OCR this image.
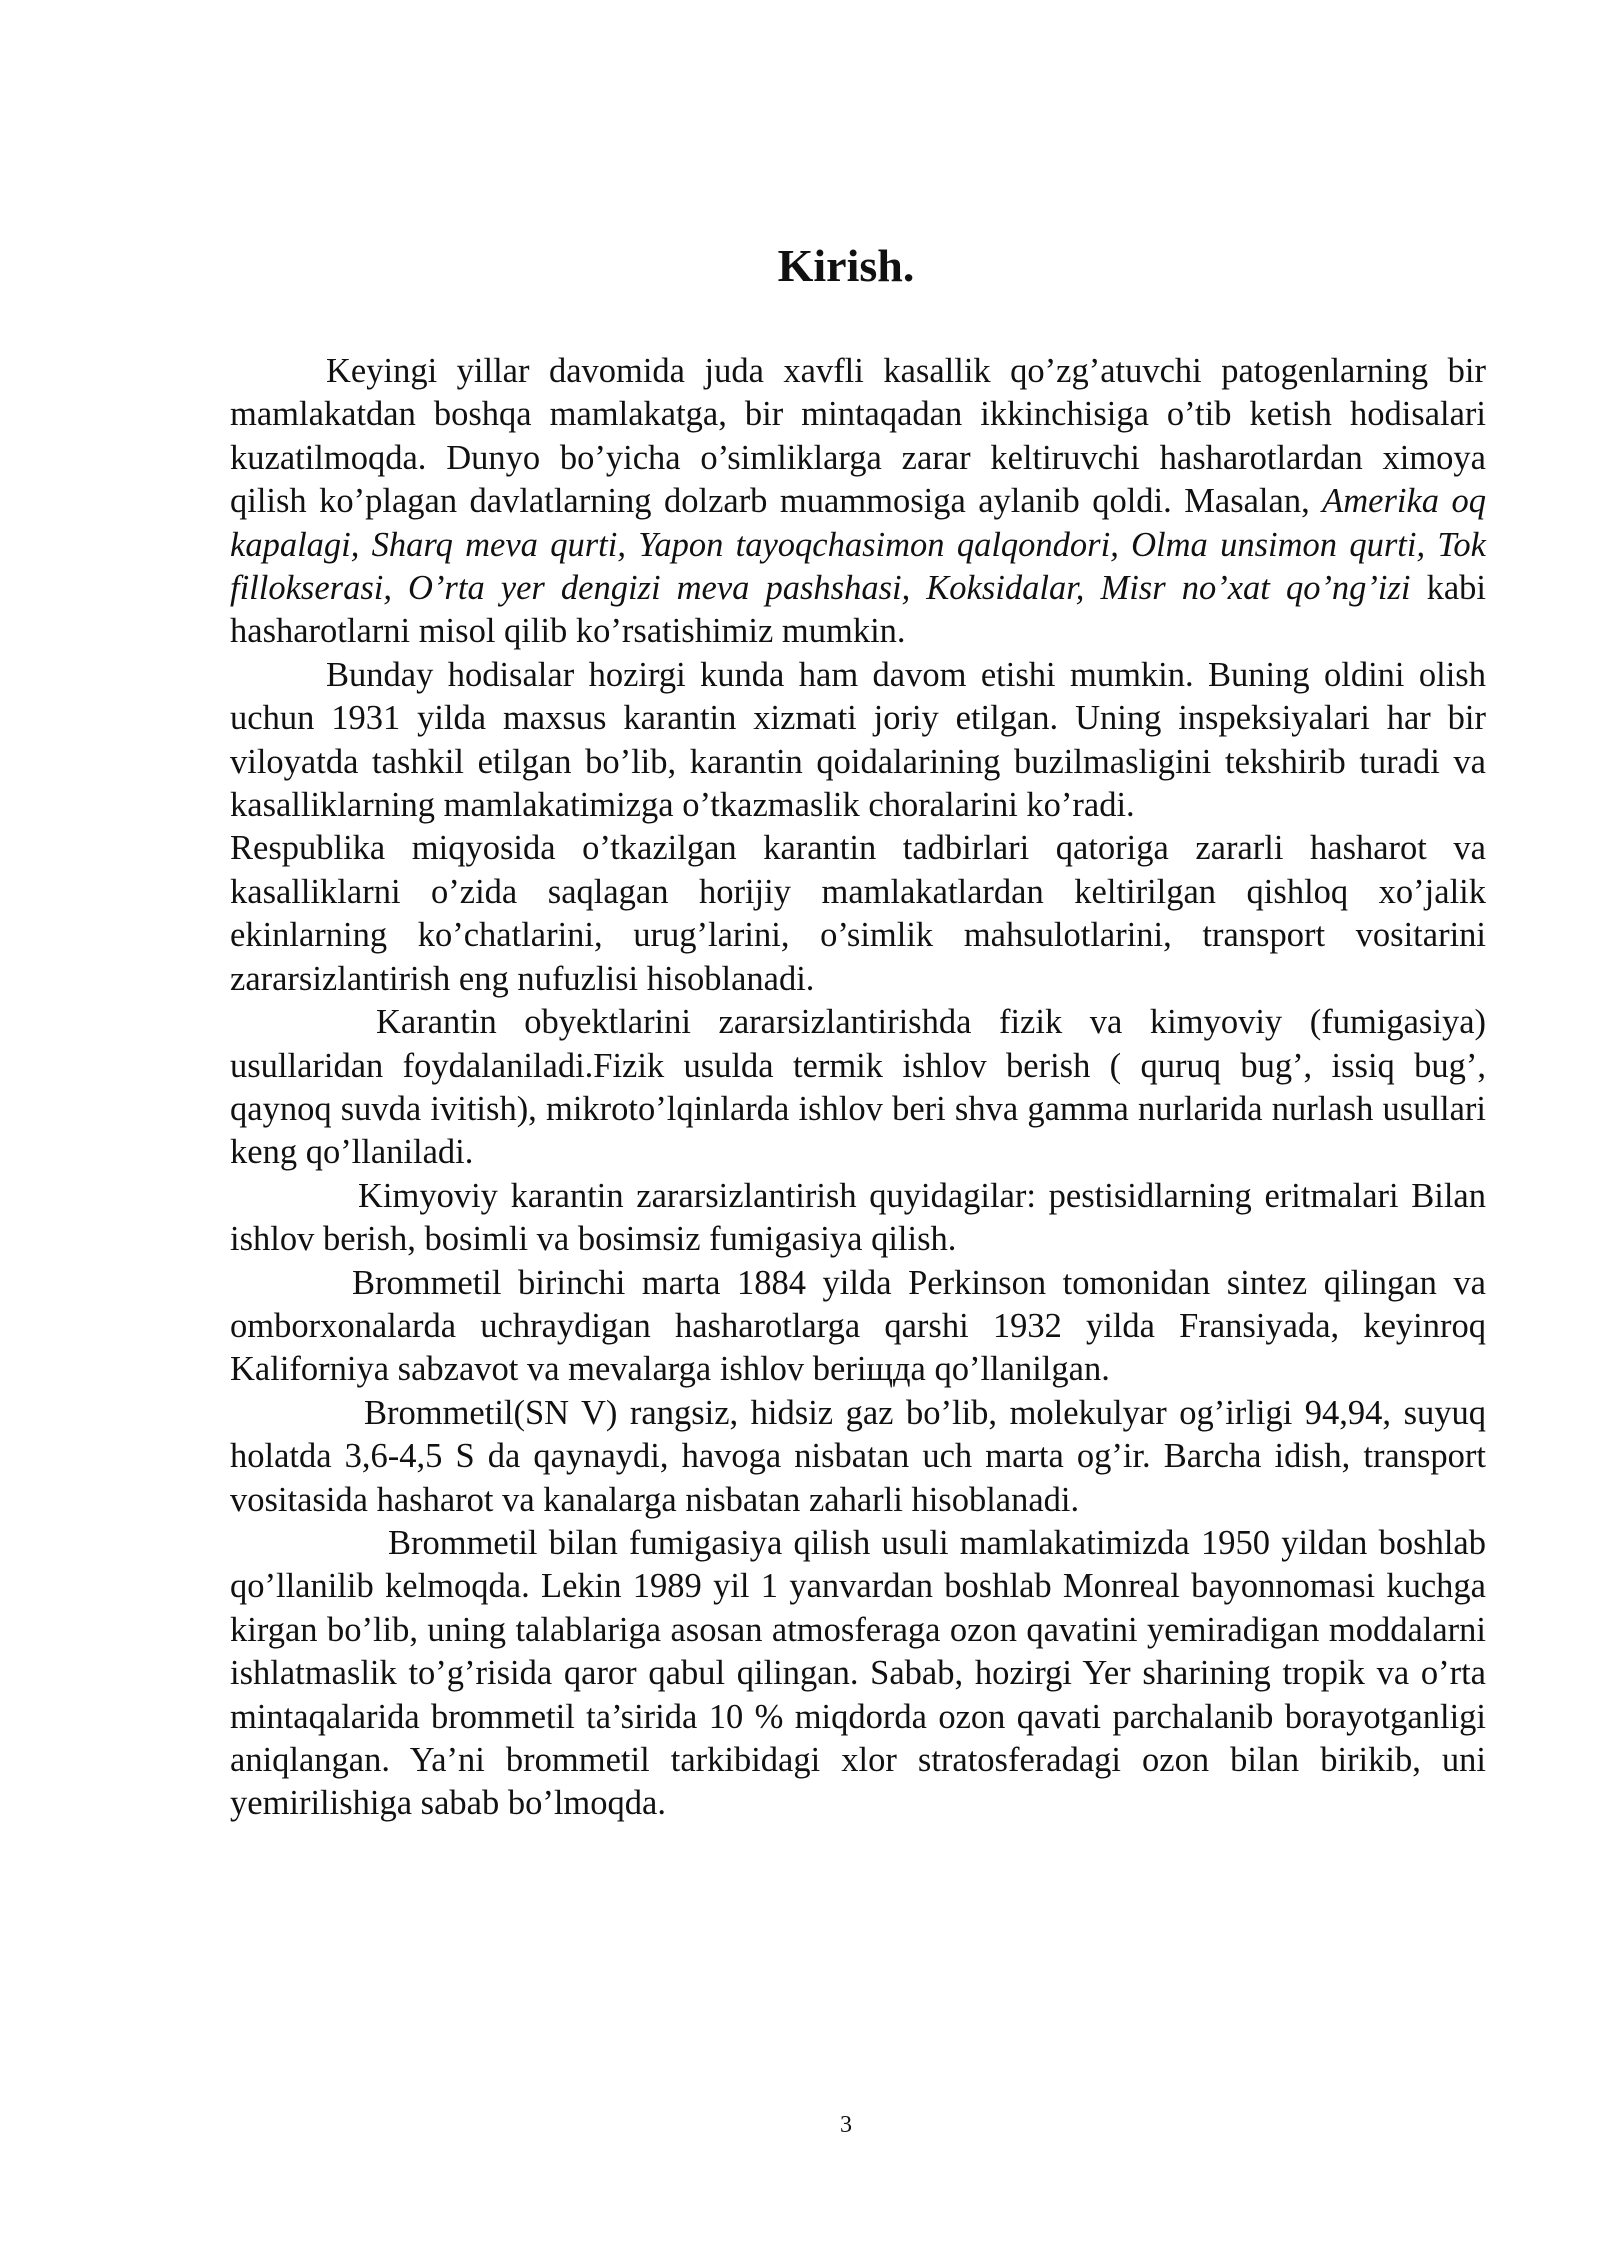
Kirish.

Keyingi yillar davomida juda xavfli kasallik qo’zg’atuvchi patogenlarning bir mamlakatdan boshqa mamlakatga, bir mintaqadan ikkinchisiga o’tib ketish hodisalari kuzatilmoqda. Dunyo bo’yicha o’simliklarga zarar keltiruvchi hasharotlardan ximoya qilish ko’plagan davlatlarning dolzarb muammosiga aylanib qoldi. Masalan, Amerika oq kapalagi, Sharq meva qurti, Yapon tayoqchasimon qalqondori, Olma unsimon qurti, Tok fillokserasi, O’rta yer dengizi meva pashshasi, Koksidalar, Misr no’xat qo’ng’izi kabi hasharotlarni misol qilib ko’rsatishimiz mumkin.

Bunday hodisalar hozirgi kunda ham davom etishi mumkin. Buning oldini olish uchun 1931 yilda maxsus karantin xizmati joriy etilgan. Uning inspeksiyalari har bir viloyatda tashkil etilgan bo’lib, karantin qoidalarining buzilmasligini tekshirib turadi va kasalliklarning mamlakatimizga o’tkazmaslik choralarini ko’radi.

Respublika miqyosida o’tkazilgan karantin tadbirlari qatoriga zararli hasharot va kasalliklarni o’zida saqlagan horijiy mamlakatlardan keltirilgan qishloq xo’jalik ekinlarning ko’chatlarini, urug’larini, o’simlik mahsulotlarini, transport vositarini zararsizlantirish eng nufuzlisi hisoblanadi.

Karantin obyektlarini zararsizlantirishda fizik va kimyoviy (fumigasiya) usullaridan foydalaniladi.Fizik usulda termik ishlov berish ( quruq bug’, issiq bug’, qaynoq suvda ivitish), mikroto’lqinlarda ishlov beri shva gamma nurlarida nurlash usullari keng qo’llaniladi.

Kimyoviy karantin zararsizlantirish quyidagilar: pestisidlarning eritmalari Bilan ishlov berish, bosimli va bosimsiz fumigasiya qilish.

Brommetil birinchi marta 1884 yilda Perkinson tomonidan sintez qilingan va omborxonalarda uchraydigan hasharotlarga qarshi 1932 yilda Fransiyada, keyinroq Kaliforniya sabzavot va mevalarga ishlov beriщда qo’llanilgan.

Brommetil(SN V) rangsiz, hidsiz gaz bo’lib, molekulyar og’irligi 94,94, suyuq holatda 3,6-4,5 S da qaynaydi, havoga nisbatan uch marta og’ir. Barcha idish, transport vositasida hasharot va kanalarga nisbatan zaharli hisoblanadi.

Brommetil bilan fumigasiya qilish usuli mamlakatimizda 1950 yildan boshlab qo’llanilib kelmoqda. Lekin 1989 yil 1 yanvardan boshlab Monreal bayonnomasi kuchga kirgan bo’lib, uning talablariga asosan atmosferaga ozon qavatini yemiradigan moddalarni ishlatmaslik to’g’risida qaror qabul qilingan. Sabab, hozirgi Yer sharining tropik va o’rta mintaqalarida brommetil ta’sirida 10 % miqdorda ozon qavati parchalanib borayotganligi aniqlangan. Ya’ni brommetil tarkibidagi xlor stratosferadagi ozon bilan birikib, uni yemirilishiga sabab bo’lmoqda.

3
